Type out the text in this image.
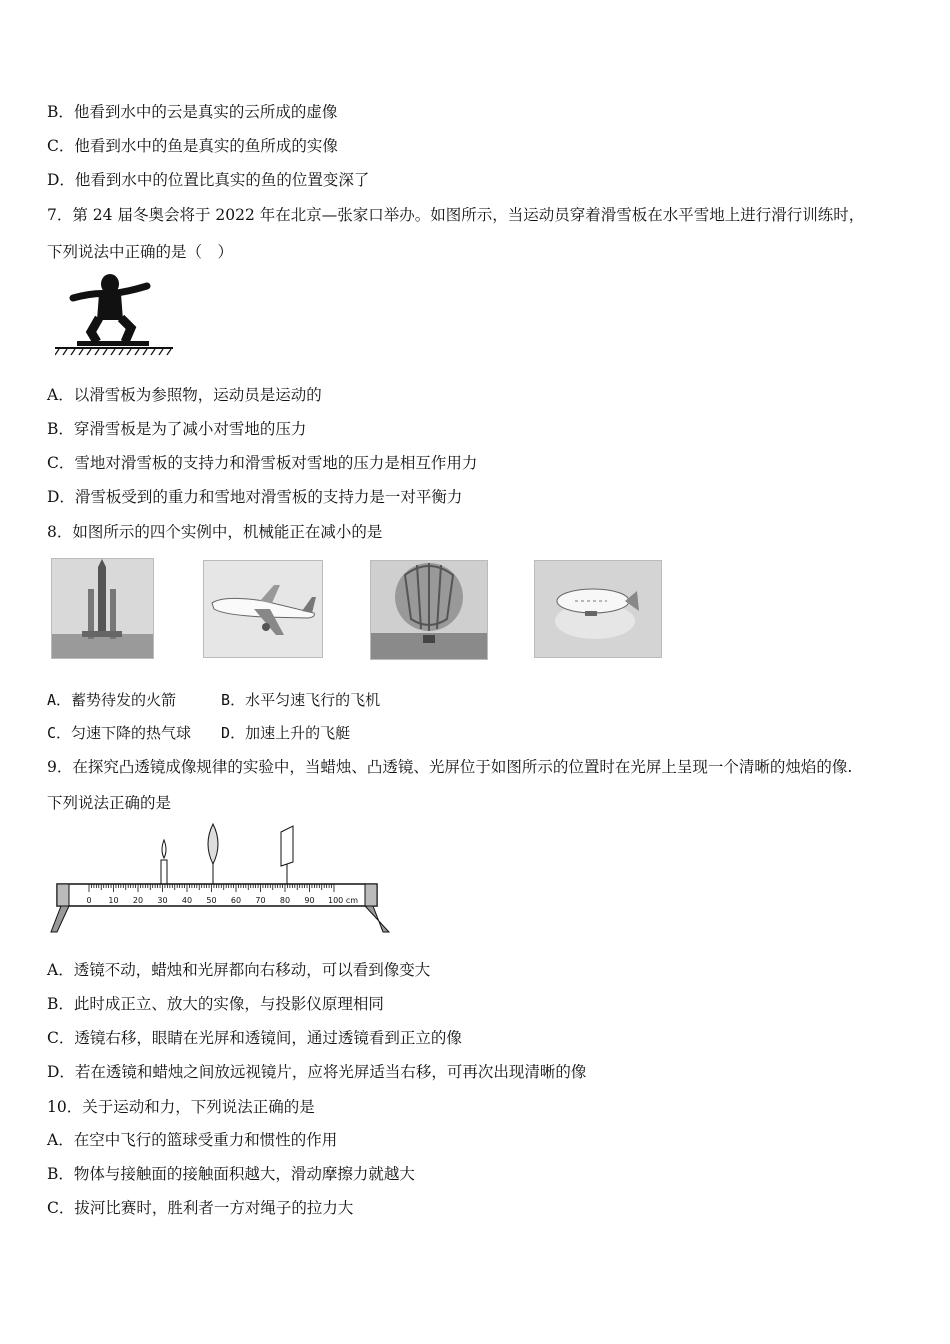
B．他看到水中的云是真实的云所成的虚像
C．他看到水中的鱼是真实的鱼所成的实像
D．他看到水中的位置比真实的鱼的位置变深了
7．第 24 届冬奥会将于 2022 年在北京—张家口举办。如图所示，当运动员穿着滑雪板在水平雪地上进行滑行训练时，
下列说法中正确的是（　）
A．以滑雪板为参照物，运动员是运动的
B．穿滑雪板是为了减小对雪地的压力
C．雪地对滑雪板的支持力和滑雪板对雪地的压力是相互作用力
D．滑雪板受到的重力和雪地对滑雪板的支持力是一对平衡力
8．如图所示的四个实例中，机械能正在减小的是
A．蓄势待发的火箭　　　B．水平匀速飞行的飞机
C．匀速下降的热气球　　D．加速上升的飞艇
9．在探究凸透镜成像规律的实验中，当蜡烛、凸透镜、光屏位于如图所示的位置时在光屏上呈现一个清晰的烛焰的像.
下列说法正确的是
0 10 20 30 40 50 60 70 80 90 100 cm
A．透镜不动，蜡烛和光屏都向右移动，可以看到像变大
B．此时成正立、放大的实像，与投影仪原理相同
C．透镜右移，眼睛在光屏和透镜间，通过透镜看到正立的像
D．若在透镜和蜡烛之间放远视镜片，应将光屏适当右移，可再次出现清晰的像
10．关于运动和力，下列说法正确的是
A．在空中飞行的篮球受重力和惯性的作用
B．物体与接触面的接触面积越大，滑动摩擦力就越大
C．拔河比赛时，胜利者一方对绳子的拉力大
